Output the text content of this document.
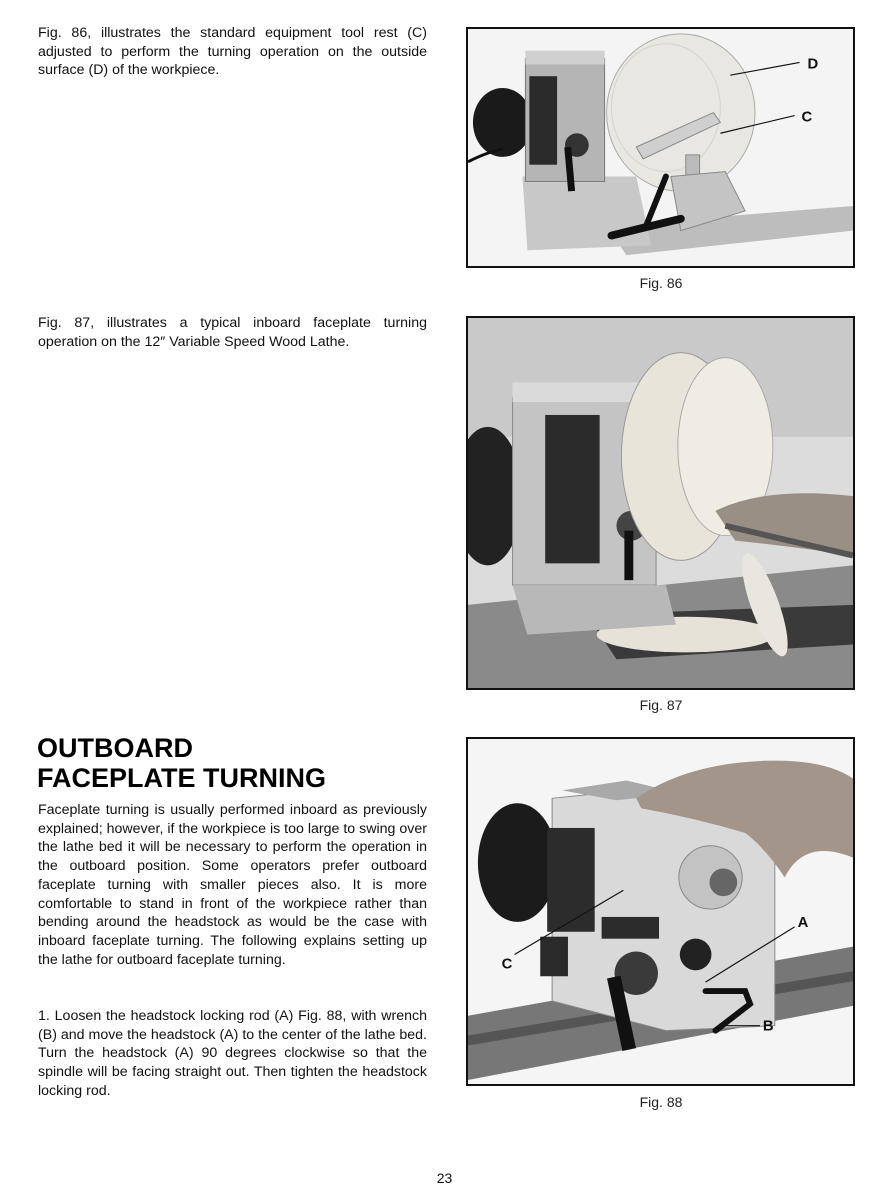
Fig. 86, illustrates the standard equipment tool rest (C) adjusted to perform the turning operation on the outside surface (D) of the workpiece.

Fig. 87, illustrates a typical inboard faceplate turning operation on the 12″ Variable Speed Wood Lathe.

OUTBOARD
FACEPLATE TURNING

Faceplate turning is usually performed inboard as previously explained; however, if the workpiece is too large to swing over the lathe bed it will be necessary to perform the operation in the outboard position. Some operators prefer outboard faceplate turning with smaller pieces also. It is more comfortable to stand in front of the workpiece rather than bending around the headstock as would be the case with inboard faceplate turning. The following explains setting up the lathe for outboard faceplate turning.

1. Loosen the headstock locking rod (A) Fig. 88, with wrench (B) and move the headstock (A) to the center of the lathe bed. Turn the headstock (A) 90 degrees clockwise so that the spindle will be facing straight out. Then tighten the headstock locking rod.

D
C
Fig. 86
Fig. 87
C
A
B
Fig. 88
23
